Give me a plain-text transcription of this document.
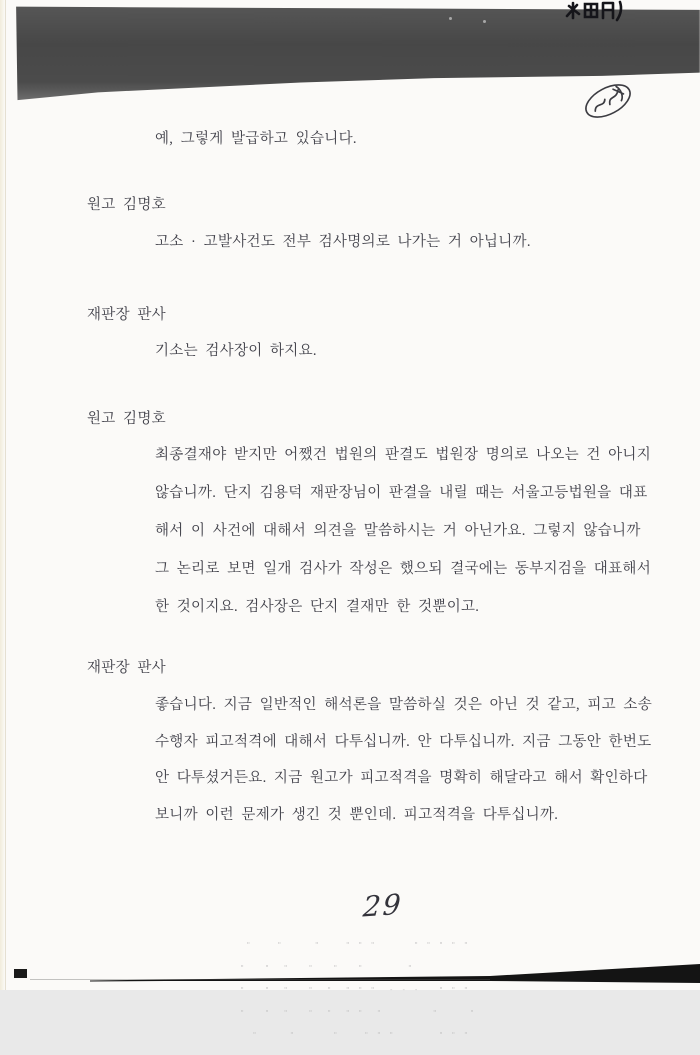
예, 그렇게 발급하고 있습니다.
원고 김명호
고소 · 고발사건도 전부 검사명의로 나가는 거 아닙니까.
재판장 판사
기소는 검사장이 하지요.
원고 김명호
최종결재야 받지만 어쨌건 법원의 판결도 법원장 명의로 나오는 건 아니지
않습니까. 단지 김용덕 재판장님이 판결을 내릴 때는 서울고등법원을 대표
해서 이 사건에 대해서 의견을 말씀하시는 거 아닌가요. 그렇지 않습니까
그 논리로 보면 일개 검사가 작성은 했으되 결국에는 동부지검을 대표해서
한 것이지요. 검사장은 단지 결재만 한 것뿐이고.
재판장 판사
좋습니다. 지금 일반적인 해석론을 말씀하실 것은 아닌 것 같고, 피고 소송
수행자 피고적격에 대해서 다투십니까. 안 다투십니까. 지금 그동안 한번도
안 다투셨거든요. 지금 원고가 피고적격을 명확히 해달라고 해서 확인하다
보니까 이런 문제가 생긴 것 뿐인데. 피고적격을 다투십니까.
29

"    "     "    " " "      " " " " "

"   "  "   "   "   "       "

"   "  "   "  "  " " "  - - -   " " "

"   "  "   "  "  " "  "        "     "

"     "      "    " " "       " " "
